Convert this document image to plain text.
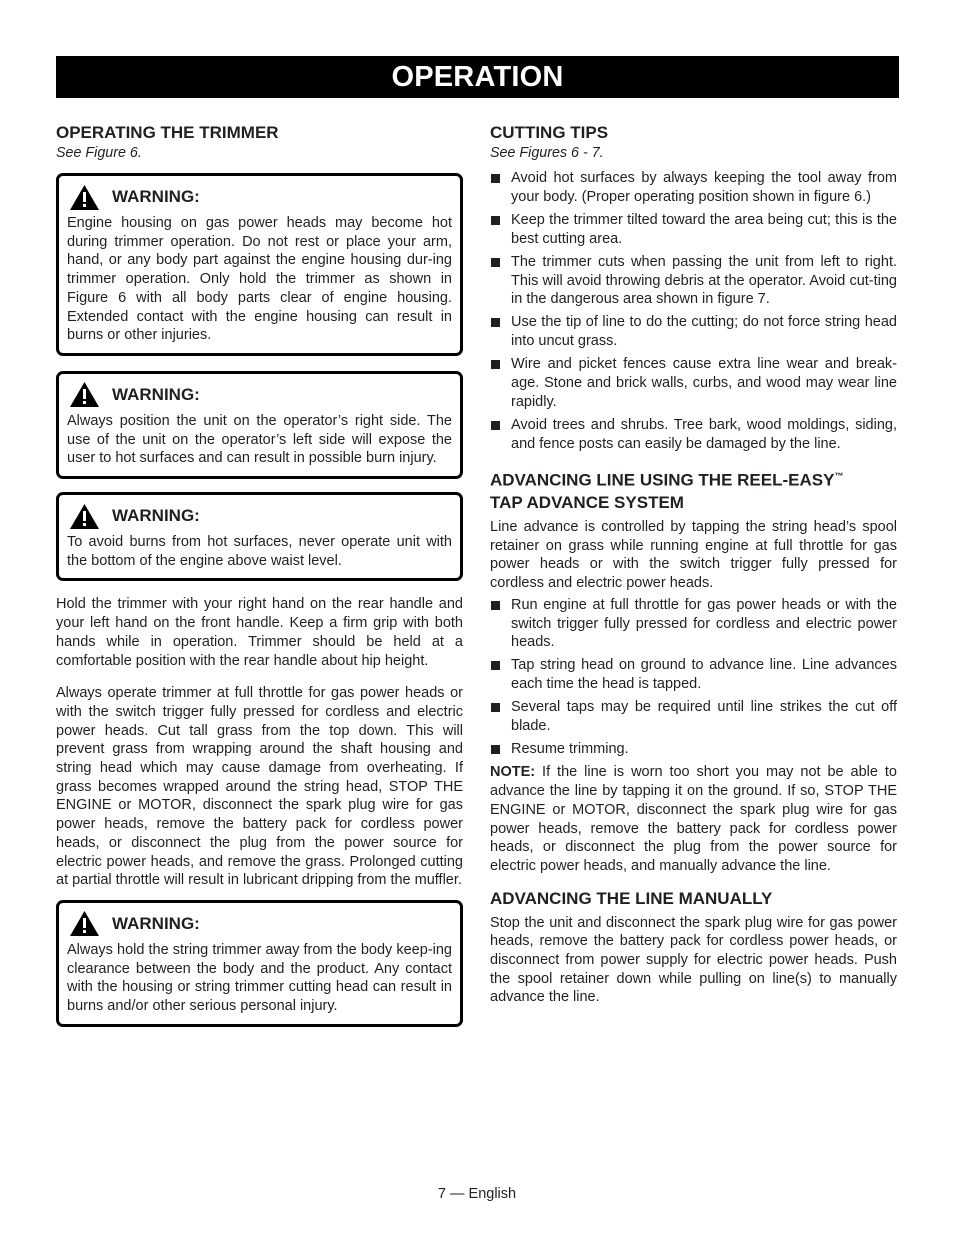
OPERATION
OPERATING THE TRIMMER
See Figure 6.
WARNING:

Engine housing on gas power heads may become hot during trimmer operation. Do not rest or place your arm, hand, or any body part against the engine housing dur-ing trimmer operation. Only hold the trimmer as shown in Figure 6 with all body parts clear of engine housing. Extended contact with the engine housing can result in burns or other injuries.

WARNING:

Always position the unit on the operator’s right side. The use of the unit on the operator’s left side will expose the user to hot surfaces and can result in possible burn injury.

WARNING:

To avoid burns from hot surfaces, never operate unit with the bottom of the engine above waist level.

Hold the trimmer with your right hand on the rear handle and your left hand on the front handle. Keep a firm grip with both hands while in operation. Trimmer should be held at a comfortable position with the rear handle about hip height.

Always operate trimmer at full throttle for gas power heads or with the switch trigger fully pressed for cordless and electric power heads. Cut tall grass from the top down. This will prevent grass from wrapping around the shaft housing and string head which may cause damage from overheating. If grass becomes wrapped around the string head, STOP THE ENGINE or MOTOR, disconnect the spark plug wire for gas power heads, remove the battery pack for cordless power heads, or disconnect the plug from the power source for electric power heads, and remove the grass. Prolonged cutting at partial throttle will result in lubricant dripping from the muffler.

WARNING:

Always hold the string trimmer away from the body keep-ing clearance between the body and the product. Any contact with the housing or string trimmer cutting head can result in burns and/or other serious personal injury.

CUTTING TIPS
See Figures 6 - 7.
Avoid hot surfaces by always keeping the tool away from your body. (Proper operating position shown in figure 6.)
Keep the trimmer tilted toward the area being cut; this is the best cutting area.
The trimmer cuts when passing the unit from left to right. This will avoid throwing debris at the operator. Avoid cut-ting in the dangerous area shown in figure 7.
Use the tip of line to do the cutting; do not force string head into uncut grass.
Wire and picket fences cause extra line wear and break-age. Stone and brick walls, curbs, and wood may wear line rapidly.
Avoid trees and shrubs. Tree bark, wood moldings, siding, and fence posts can easily be damaged by the line.
ADVANCING LINE USING THE REEL-EASY™
TAP ADVANCE SYSTEM

Line advance is controlled by tapping the string head’s spool retainer on grass while running engine at full throttle for gas power heads or with the switch trigger fully pressed for cordless and electric power heads.

Run engine at full throttle for gas power heads or with the switch trigger fully pressed for cordless and electric power heads.
Tap string head on ground to advance line. Line advances each time the head is tapped.
Several taps may be required until line strikes the cut off blade.
Resume trimming.

NOTE: If the line is worn too short you may not be able to advance the line by tapping it on the ground. If so, STOP THE ENGINE or MOTOR, disconnect the spark plug wire for gas power heads, remove the battery pack for cordless power heads, or disconnect the plug from the power source for electric power heads, and manually advance the line.

ADVANCING THE LINE MANUALLY

Stop the unit and disconnect the spark plug wire for gas power heads, remove the battery pack for cordless power heads, or disconnect from power supply for electric power heads. Push the spool retainer down while pulling on line(s) to manually advance the line.

7 — English
